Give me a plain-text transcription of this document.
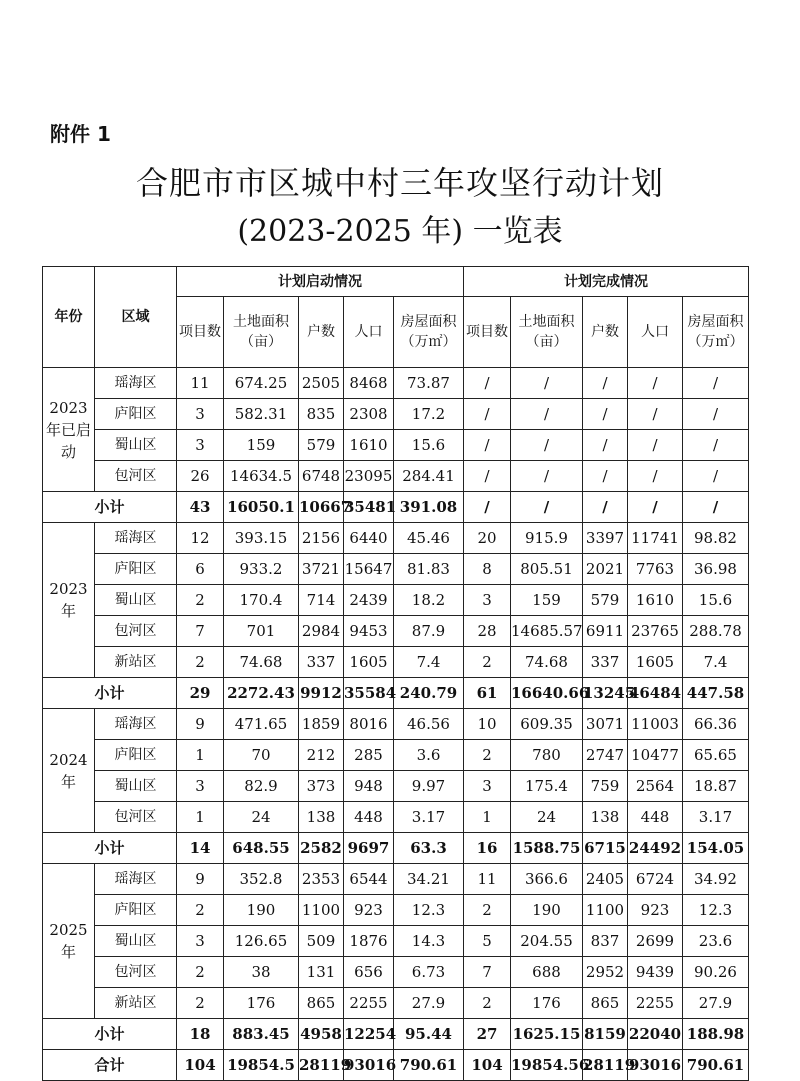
附件 1
合肥市市区城中村三年攻坚行动计划
(2023-2025 年) 一览表
年份	区域	计划启动情况					计划完成情况				
		项目数	土地面积（亩）	户数	人口	房屋面积（万㎡）	项目数	土地面积（亩）	户数	人口	房屋面积（万㎡）
2023年已启动	瑶海区	11	674.25	2505	8468	73.87	/	/	/	/	/
	庐阳区	3	582.31	835	2308	17.2	/	/	/	/	/
	蜀山区	3	159	579	1610	15.6	/	/	/	/	/
	包河区	26	14634.5	6748	23095	284.41	/	/	/	/	/
小计		43	16050.1	10667	35481	391.08	/	/	/	/	/
2023年	瑶海区	12	393.15	2156	6440	45.46	20	915.9	3397	11741	98.82
	庐阳区	6	933.2	3721	15647	81.83	8	805.51	2021	7763	36.98
	蜀山区	2	170.4	714	2439	18.2	3	159	579	1610	15.6
	包河区	7	701	2984	9453	87.9	28	14685.57	6911	23765	288.78
	新站区	2	74.68	337	1605	7.4	2	74.68	337	1605	7.4
小计		29	2272.43	9912	35584	240.79	61	16640.66	13245	46484	447.58
2024年	瑶海区	9	471.65	1859	8016	46.56	10	609.35	3071	11003	66.36
	庐阳区	1	70	212	285	3.6	2	780	2747	10477	65.65
	蜀山区	3	82.9	373	948	9.97	3	175.4	759	2564	18.87
	包河区	1	24	138	448	3.17	1	24	138	448	3.17
小计		14	648.55	2582	9697	63.3	16	1588.75	6715	24492	154.05
2025年	瑶海区	9	352.8	2353	6544	34.21	11	366.6	2405	6724	34.92
	庐阳区	2	190	1100	923	12.3	2	190	1100	923	12.3
	蜀山区	3	126.65	509	1876	14.3	5	204.55	837	2699	23.6
	包河区	2	38	131	656	6.73	7	688	2952	9439	90.26
	新站区	2	176	865	2255	27.9	2	176	865	2255	27.9
小计		18	883.45	4958	12254	95.44	27	1625.15	8159	22040	188.98
合计		104	19854.5	28119	93016	790.61	104	19854.56	28119	93016	790.61
